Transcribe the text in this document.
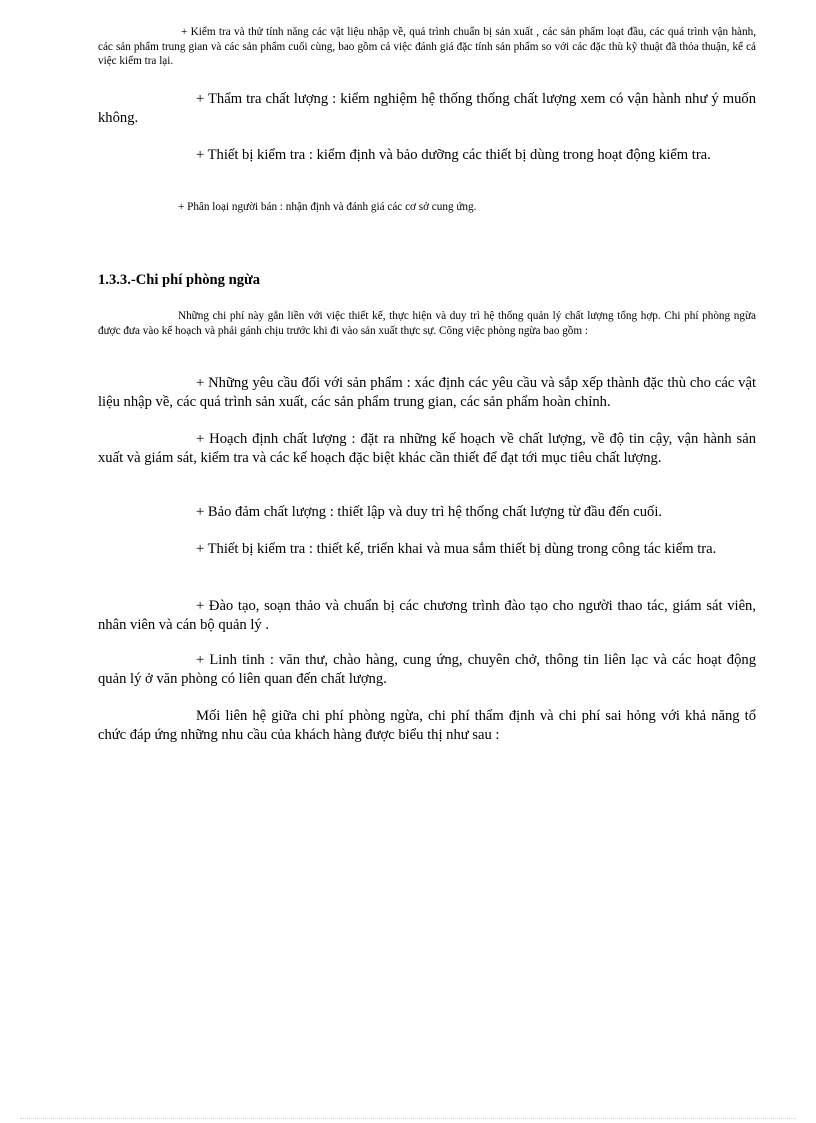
+ Kiểm tra và thử tính năng các vật liệu nhập về, quá trình chuẩn bị sản xuất , các sản phẩm loạt đầu, các quá trình vận hành, các sản phẩm trung gian và các sản phẩm cuối cùng, bao gồm cả việc đánh giá đặc tính sản phẩm so với các đặc thù kỹ thuật đã thỏa thuận, kể cả việc kiểm tra lại.

+ Thẩm tra chất lượng : kiểm nghiệm hệ thống thống chất lượng xem có vận hành như ý muốn không.

+ Thiết bị kiểm tra : kiểm định và bảo dưỡng các thiết bị dùng trong hoạt động kiểm tra.

+ Phân loại người bán : nhận định và đánh giá các cơ sở cung ứng.

1.3.3.-Chi phí phòng ngừa

Những chi phí này gắn liền với việc thiết kế, thực hiện và duy trì hệ thống quản lý chất lượng tổng hợp. Chi phí phòng ngừa được đưa vào kế hoạch và phải gánh chịu trước khi đi vào sản xuất thực sự. Công việc phòng ngừa bao gồm :

+ Những yêu cầu đối với sản phẩm : xác định các yêu cầu và sắp xếp thành đặc thù cho các vật liệu nhập về, các quá trình sản xuất, các sản phẩm trung gian, các sản phẩm hoàn chỉnh.

+ Hoạch định chất lượng : đặt ra những kế hoạch về chất lượng, về độ tin cậy, vận hành sản xuất và giám sát, kiểm tra và các kế hoạch đặc biệt khác cần thiết để đạt tới mục tiêu chất lượng.

+ Bảo đảm chất lượng : thiết lập và duy trì hệ thống chất lượng từ đầu đến cuối.

+ Thiết bị kiểm tra : thiết kế, triển khai và mua sắm thiết bị dùng trong công tác kiểm tra.

+ Đào tạo, soạn thảo và chuẩn bị các chương trình đào tạo cho người thao tác, giám sát viên, nhân viên và cán bộ quản lý .

+ Linh tinh : văn thư, chào hàng, cung ứng, chuyên chở, thông tin liên lạc và các hoạt động quản lý ở văn phòng có liên quan đến chất lượng.

Mối liên hệ giữa chi phí phòng ngừa, chi phí thẩm định và chi phí sai hỏng với khả năng tổ chức đáp ứng những nhu cầu của khách hàng được biểu thị như sau :
